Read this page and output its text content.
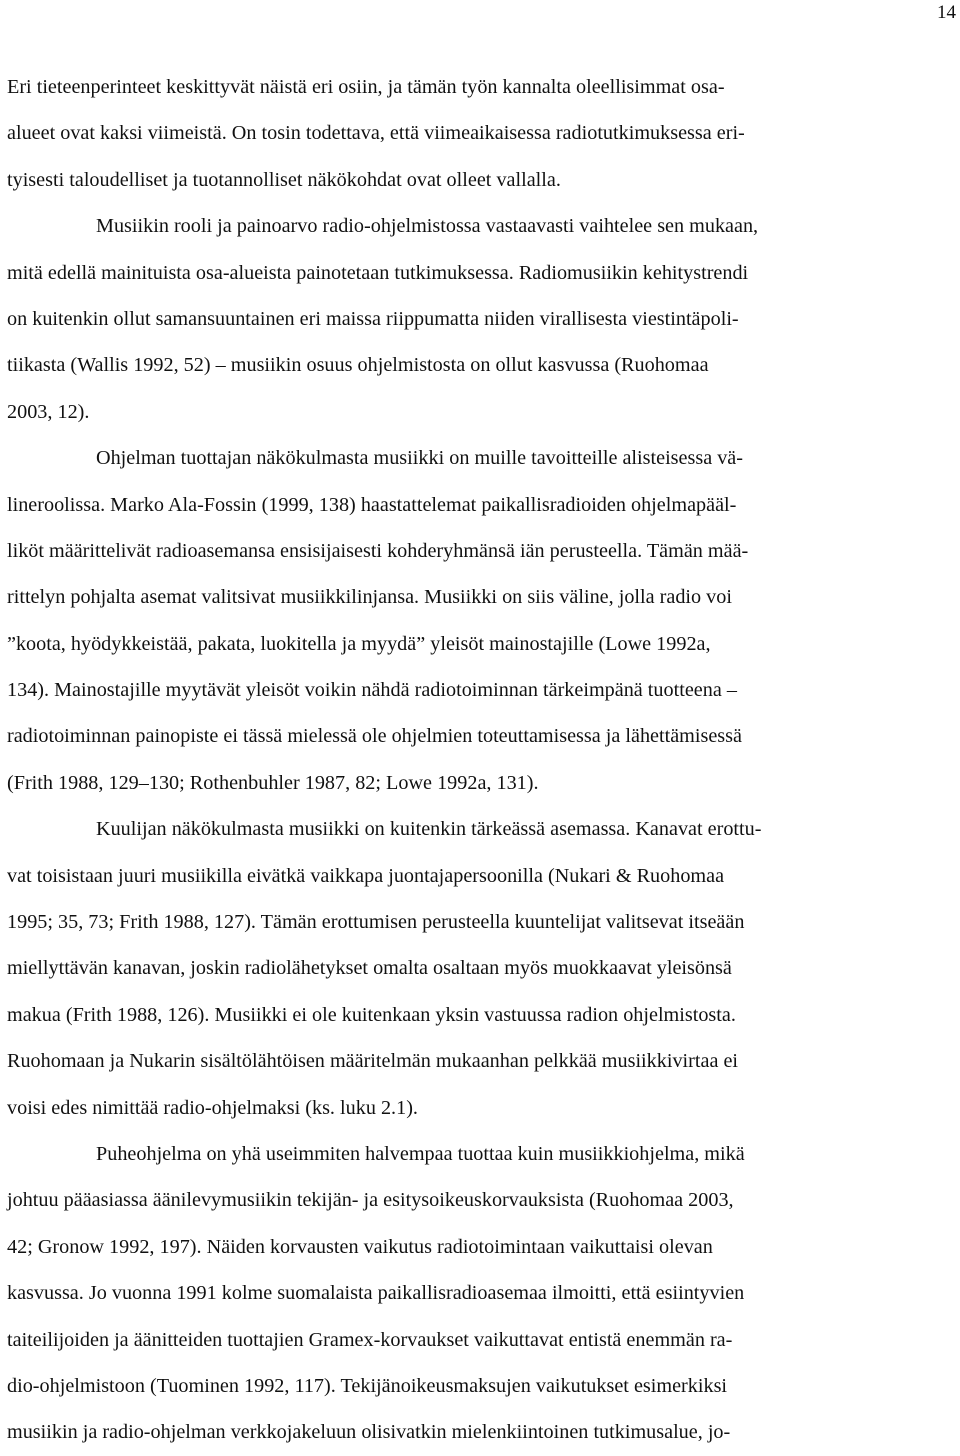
14
Eri tieteenperinteet keskittyvät näistä eri osiin, ja tämän työn kannalta oleellisimmat osa-
alueet ovat kaksi viimeistä. On tosin todettava, että viimeaikaisessa radiotutkimuksessa eri-
tyisesti taloudelliset ja tuotannolliset näkökohdat ovat olleet vallalla.
Musiikin rooli ja painoarvo radio-ohjelmistossa vastaavasti vaihtelee sen mukaan,
mitä edellä mainituista osa-alueista painotetaan tutkimuksessa. Radiomusiikin kehitystrendi
on kuitenkin ollut samansuuntainen eri maissa riippumatta niiden virallisesta viestintäpoli-
tiikasta (Wallis 1992, 52) – musiikin osuus ohjelmistosta on ollut kasvussa (Ruohomaa
2003, 12).
Ohjelman tuottajan näkökulmasta musiikki on muille tavoitteille alisteisessa vä-
lineroolissa. Marko Ala-Fossin (1999, 138) haastattelemat paikallisradioiden ohjelmapääl-
liköt määrittelivät radioasemansa ensisijaisesti kohderyhmänsä iän perusteella. Tämän mää-
rittelyn pohjalta asemat valitsivat musiikkilinjansa. Musiikki on siis väline, jolla radio voi
”koota, hyödykkeistää, pakata, luokitella ja myydä” yleisöt mainostajille (Lowe 1992a,
134). Mainostajille myytävät yleisöt voikin nähdä radiotoiminnan tärkeimpänä tuotteena –
radiotoiminnan painopiste ei tässä mielessä ole ohjelmien toteuttamisessa ja lähettämisessä
(Frith 1988, 129–130; Rothenbuhler 1987, 82; Lowe 1992a, 131).
Kuulijan näkökulmasta musiikki on kuitenkin tärkeässä asemassa. Kanavat erottu-
vat toisistaan juuri musiikilla eivätkä vaikkapa juontajapersoonilla (Nukari & Ruohomaa
1995; 35, 73; Frith 1988, 127). Tämän erottumisen perusteella kuuntelijat valitsevat itseään
miellyttävän kanavan, joskin radiolähetykset omalta osaltaan myös muokkaavat yleisönsä
makua (Frith 1988, 126). Musiikki ei ole kuitenkaan yksin vastuussa radion ohjelmistosta.
Ruohomaan ja Nukarin sisältölähtöisen määritelmän mukaanhan pelkkää musiikkivirtaa ei
voisi edes nimittää radio-ohjelmaksi (ks. luku 2.1).
Puheohjelma on yhä useimmiten halvempaa tuottaa kuin musiikkiohjelma, mikä
johtuu pääasiassa äänilevymusiikin tekijän- ja esitysoikeuskorvauksista (Ruohomaa 2003,
42; Gronow 1992, 197). Näiden korvausten vaikutus radiotoimintaan vaikuttaisi olevan
kasvussa. Jo vuonna 1991 kolme suomalaista paikallisradioasemaa ilmoitti, että esiintyvien
taiteilijoiden ja äänitteiden tuottajien Gramex-korvaukset vaikuttavat entistä enemmän ra-
dio-ohjelmistoon (Tuominen 1992, 117). Tekijänoikeusmaksujen vaikutukset esimerkiksi
musiikin ja radio-ohjelman verkkojakeluun olisivatkin mielenkiintoinen tutkimusalue, jo-
